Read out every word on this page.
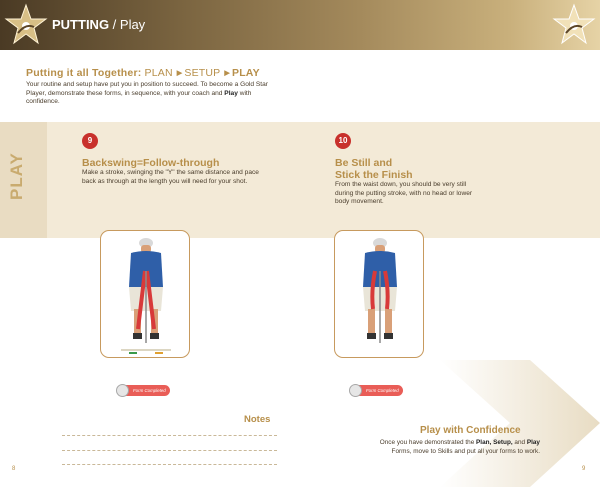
PUTTING / Play
Putting it all Together: PLAN ▶ SETUP ▶ PLAY
Your routine and setup have put you in position to succeed. To become a Gold Star Player, demonstrate these forms, in sequence, with your coach and Play with confidence.
PLAY
9
Backswing=Follow-through
Make a stroke, swinging the "Y" the same distance and pace back as through at the length you will need for your shot.
10
Be Still and
Stick the Finish
From the waist down, you should be very still during the putting stroke, with no head or lower body movement.
Form Completed	Form Completed
Notes
Play with Confidence
Once you have demonstrated the Plan, Setup, and Play Forms, move to Skills and put all your forms to work.
8	9
